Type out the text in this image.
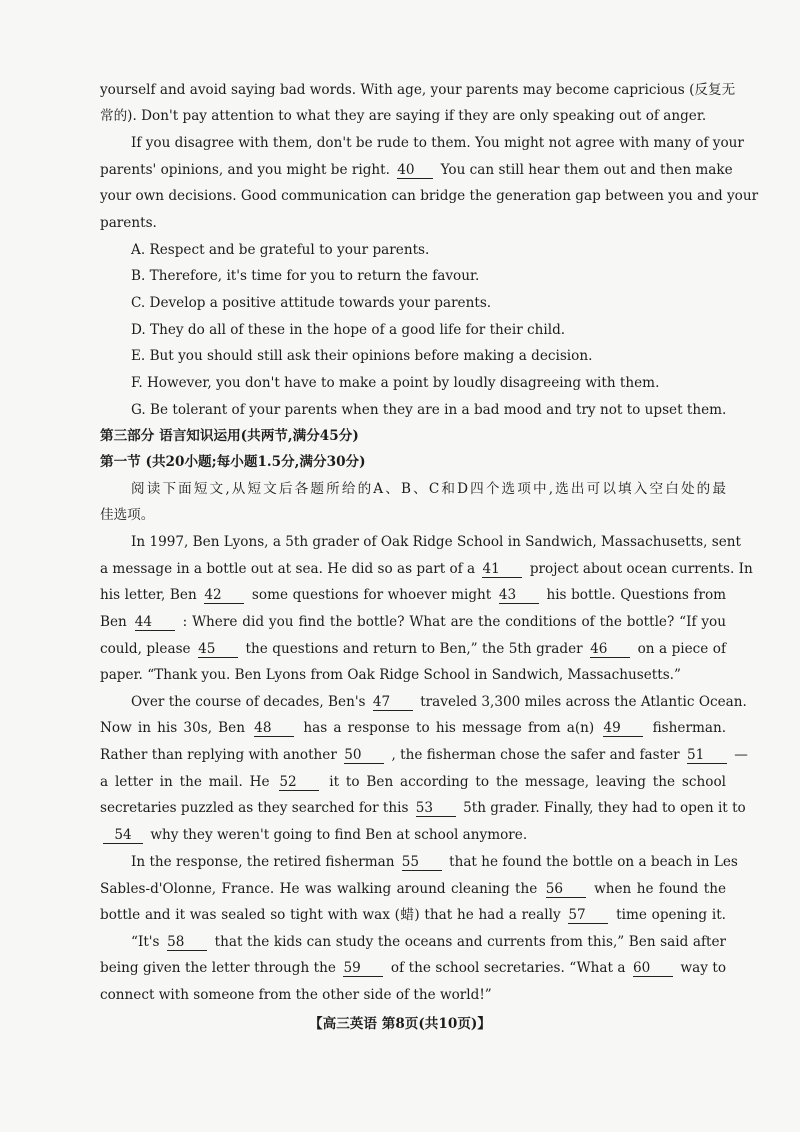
yourself and avoid saying bad words. With age, your parents may become capricious (反复无
常的). Don't pay attention to what they are saying if they are only speaking out of anger.
If you disagree with them, don't be rude to them. You might not agree with many of your
parents' opinions, and you might be right. 40 You can still hear them out and then make
your own decisions. Good communication can bridge the generation gap between you and your
parents.
A. Respect and be grateful to your parents.
B. Therefore, it's time for you to return the favour.
C. Develop a positive attitude towards your parents.
D. They do all of these in the hope of a good life for their child.
E. But you should still ask their opinions before making a decision.
F. However, you don't have to make a point by loudly disagreeing with them.
G. Be tolerant of your parents when they are in a bad mood and try not to upset them.
第三部分 语言知识运用(共两节,满分45分)
第一节 (共20小题;每小题1.5分,满分30分)
阅读下面短文,从短文后各题所给的A、B、C和D四个选项中,选出可以填入空白处的最
佳选项。
In 1997, Ben Lyons, a 5th grader of Oak Ridge School in Sandwich, Massachusetts, sent
a message in a bottle out at sea. He did so as part of a 41 project about ocean currents. In
his letter, Ben 42 some questions for whoever might 43 his bottle. Questions from
Ben 44 : Where did you find the bottle? What are the conditions of the bottle? “If you
could, please 45 the questions and return to Ben,” the 5th grader 46 on a piece of
paper. “Thank you. Ben Lyons from Oak Ridge School in Sandwich, Massachusetts.”
Over the course of decades, Ben's 47 traveled 3,300 miles across the Atlantic Ocean.
Now in his 30s, Ben 48 has a response to his message from a(n) 49 fisherman.
Rather than replying with another 50 , the fisherman chose the safer and faster 51 —
a letter in the mail. He 52 it to Ben according to the message, leaving the school
secretaries puzzled as they searched for this 53 5th grader. Finally, they had to open it to
54 why they weren't going to find Ben at school anymore.
In the response, the retired fisherman 55 that he found the bottle on a beach in Les
Sables-d'Olonne, France. He was walking around cleaning the 56 when he found the
bottle and it was sealed so tight with wax (蜡) that he had a really 57 time opening it.
“It's 58 that the kids can study the oceans and currents from this,” Ben said after
being given the letter through the 59 of the school secretaries. “What a 60 way to
connect with someone from the other side of the world!”
【高三英语 第8页(共10页)】
